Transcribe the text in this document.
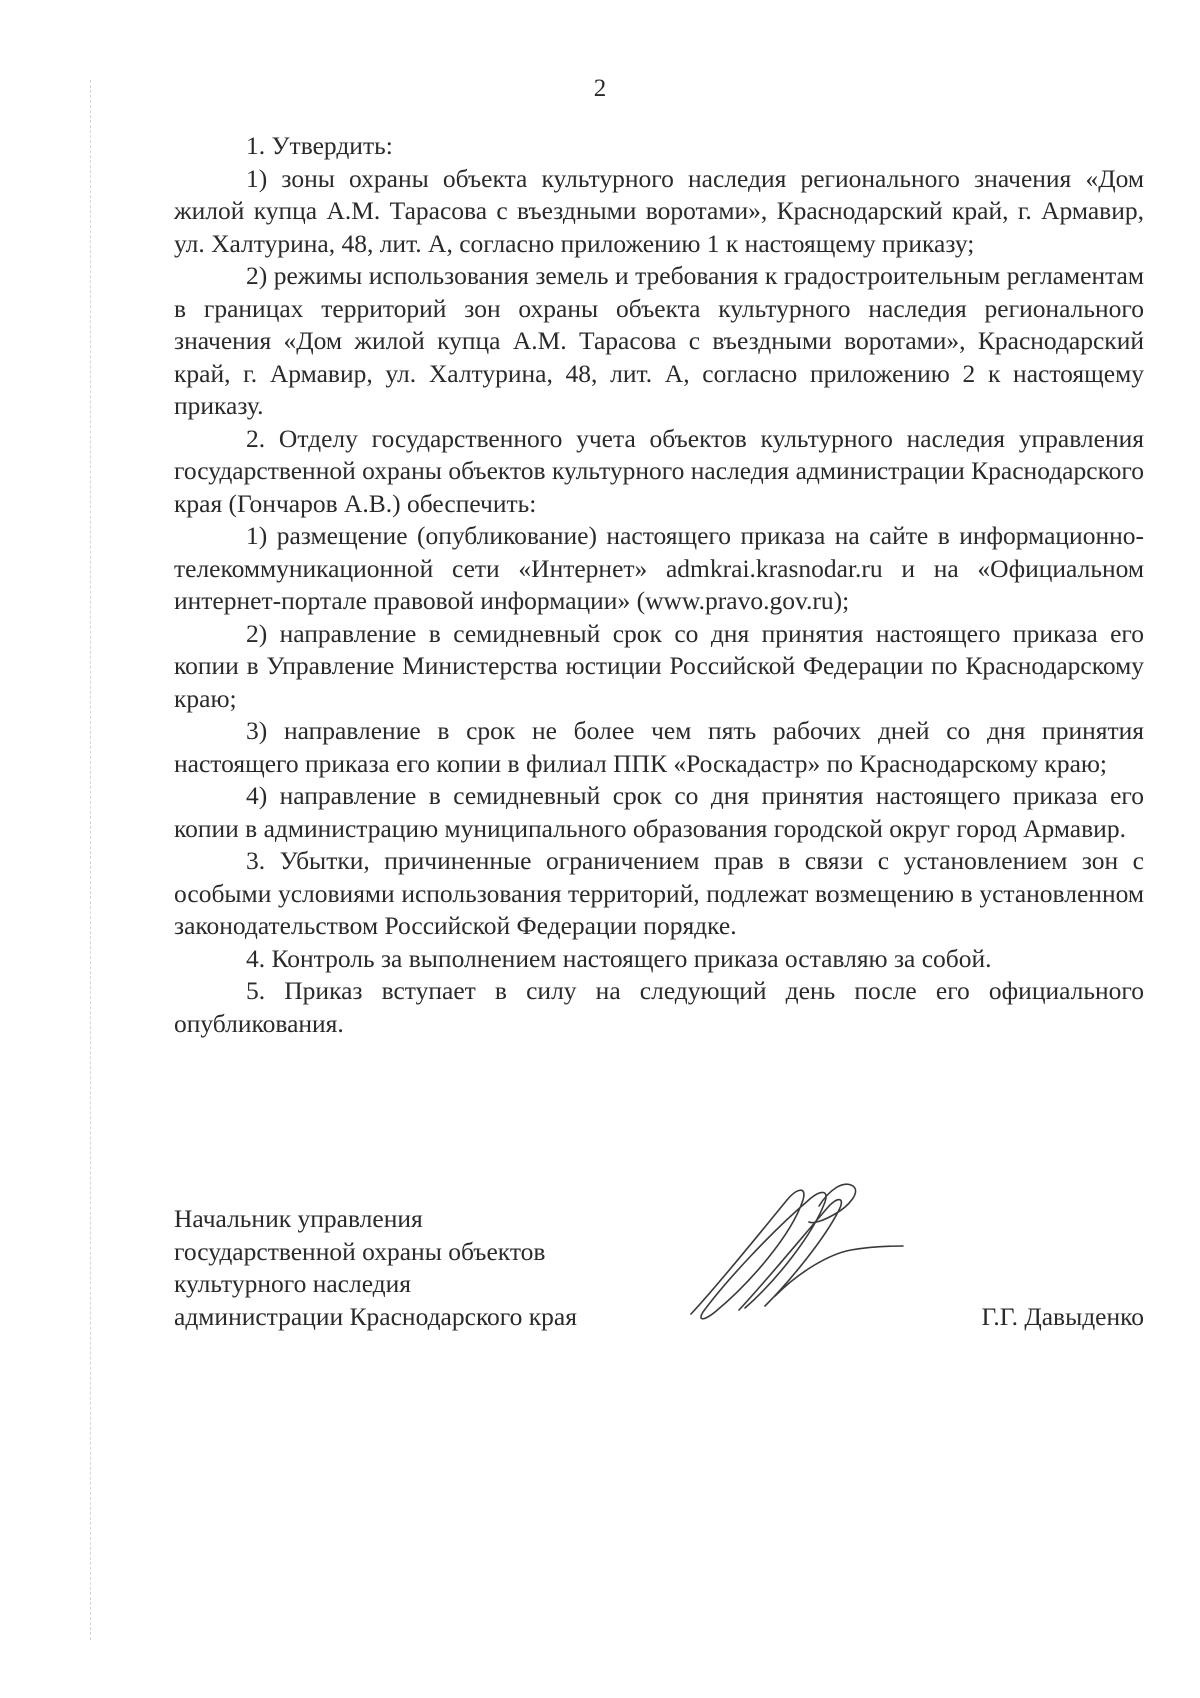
2

1. Утвердить:

1) зоны охраны объекта культурного наследия регионального значения «Дом жилой купца А.М. Тарасова с въездными воротами», Краснодарский край, г. Армавир, ул. Халтурина, 48, лит. А, согласно приложению 1 к настоящему приказу;

2) режимы использования земель и требования к градостроительным регламентам в границах территорий зон охраны объекта культурного наследия регионального значения «Дом жилой купца А.М. Тарасова с въездными воротами», Краснодарский край, г. Армавир, ул. Халтурина, 48, лит. А, согласно приложению 2 к настоящему приказу.

2. Отделу государственного учета объектов культурного наследия управления государственной охраны объектов культурного наследия администрации Краснодарского края (Гончаров А.В.) обеспечить:

1) размещение (опубликование) настоящего приказа на сайте в информационно-телекоммуникационной сети «Интернет» admkrai.krasnodar.ru и на «Официальном интернет-портале правовой информации» (www.pravo.gov.ru);

2) направление в семидневный срок со дня принятия настоящего приказа его копии в Управление Министерства юстиции Российской Федерации по Краснодарскому краю;

3) направление в срок не более чем пять рабочих дней со дня принятия настоящего приказа его копии в филиал ППК «Роскадастр» по Краснодарскому краю;

4) направление в семидневный срок со дня принятия настоящего приказа его копии в администрацию муниципального образования городской округ город Армавир.

3. Убытки, причиненные ограничением прав в связи с установлением зон с особыми условиями использования территорий, подлежат возмещению в установленном законодательством Российской Федерации порядке.

4. Контроль за выполнением настоящего приказа оставляю за собой.

5. Приказ вступает в силу на следующий день после его официального опубликования.

Начальник управления
государственной охраны объектов
культурного наследия
администрации Краснодарского края	Г.Г. Давыденко
